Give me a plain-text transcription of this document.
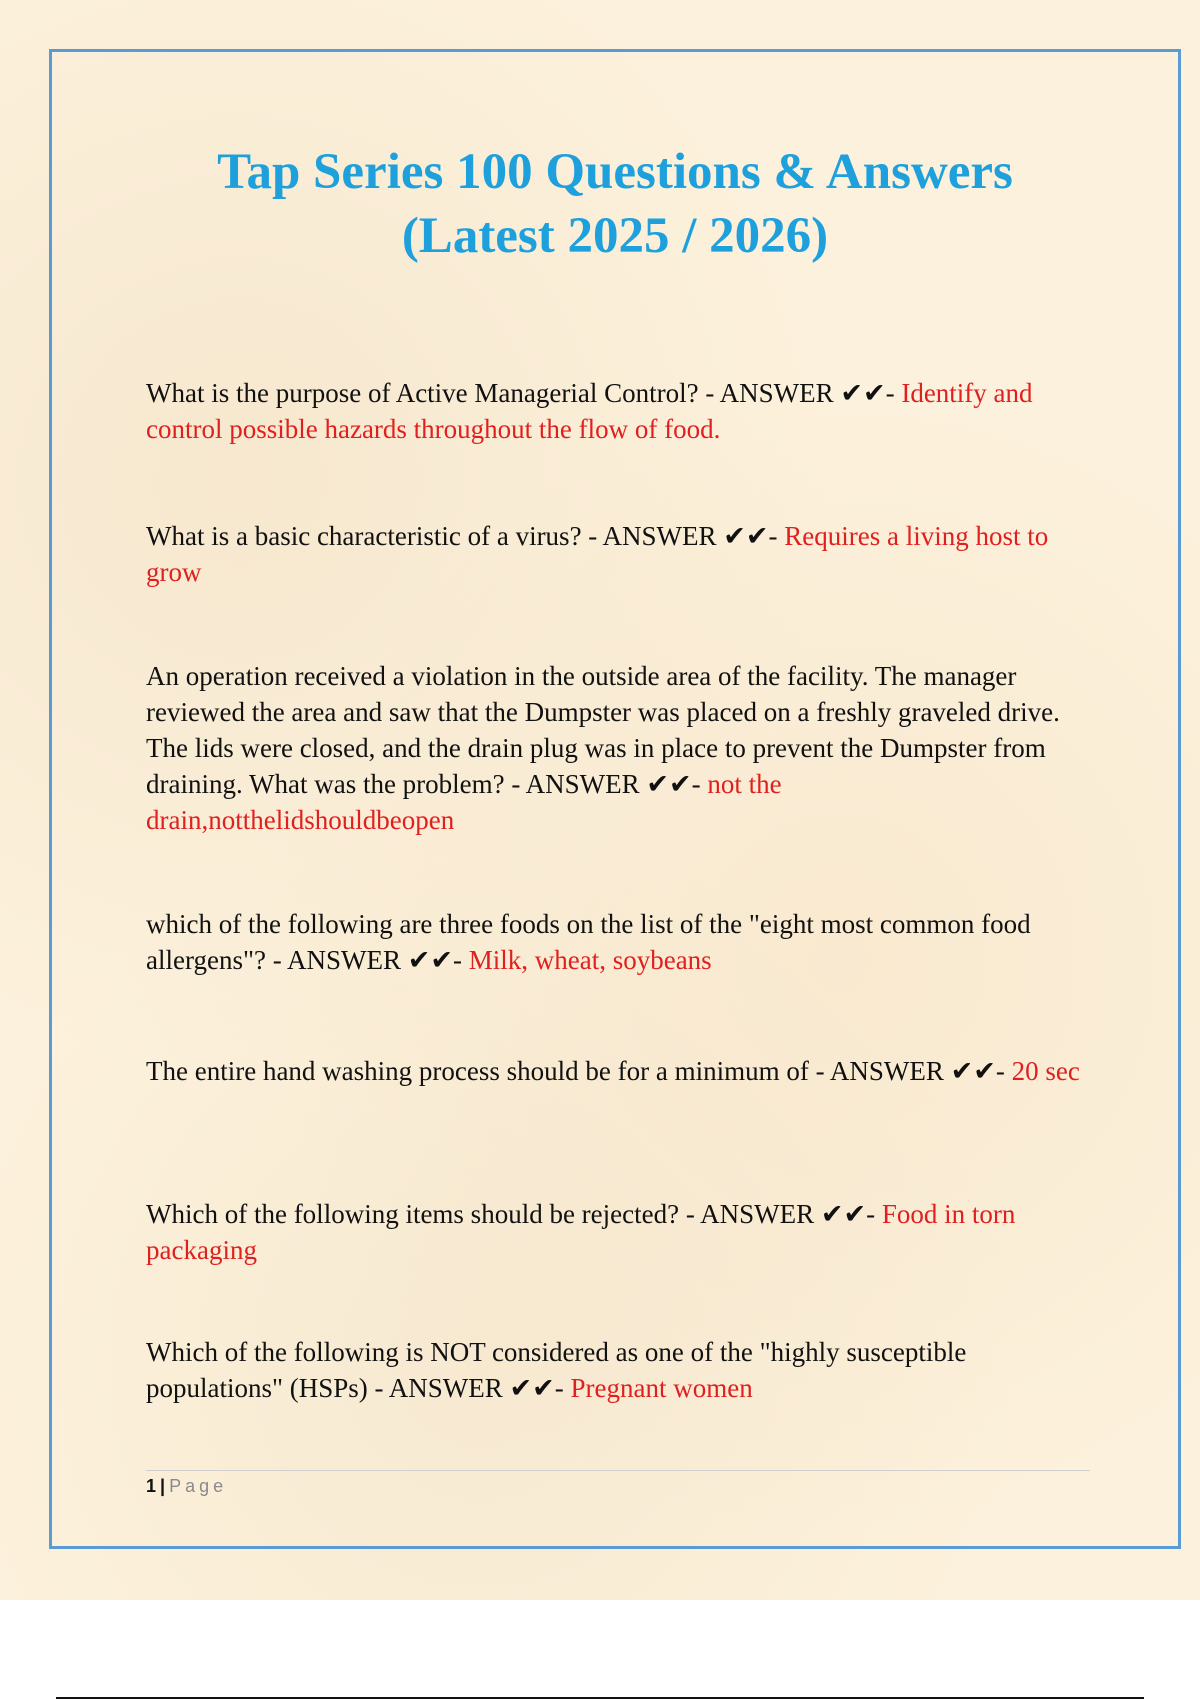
Tap Series 100 Questions & Answers
(Latest 2025 / 2026)
What is the purpose of Active Managerial Control? - ANSWER ✔✔- Identify and control possible hazards throughout the flow of food.
What is a basic characteristic of a virus? - ANSWER ✔✔- Requires a living host to grow
An operation received a violation in the outside area of the facility. The manager reviewed the area and saw that the Dumpster was placed on a freshly graveled drive. The lids were closed, and the drain plug was in place to prevent the Dumpster from draining. What was the problem? - ANSWER ✔✔- not the drain,notthelidshouldbeopen
which of the following are three foods on the list of the "eight most common food allergens"? - ANSWER ✔✔- Milk, wheat, soybeans
The entire hand washing process should be for a minimum of - ANSWER ✔✔- 20 sec
Which of the following items should be rejected? - ANSWER ✔✔- Food in torn packaging
Which of the following is NOT considered as one of the "highly susceptible populations" (HSPs) - ANSWER ✔✔- Pregnant women
1 | Page
